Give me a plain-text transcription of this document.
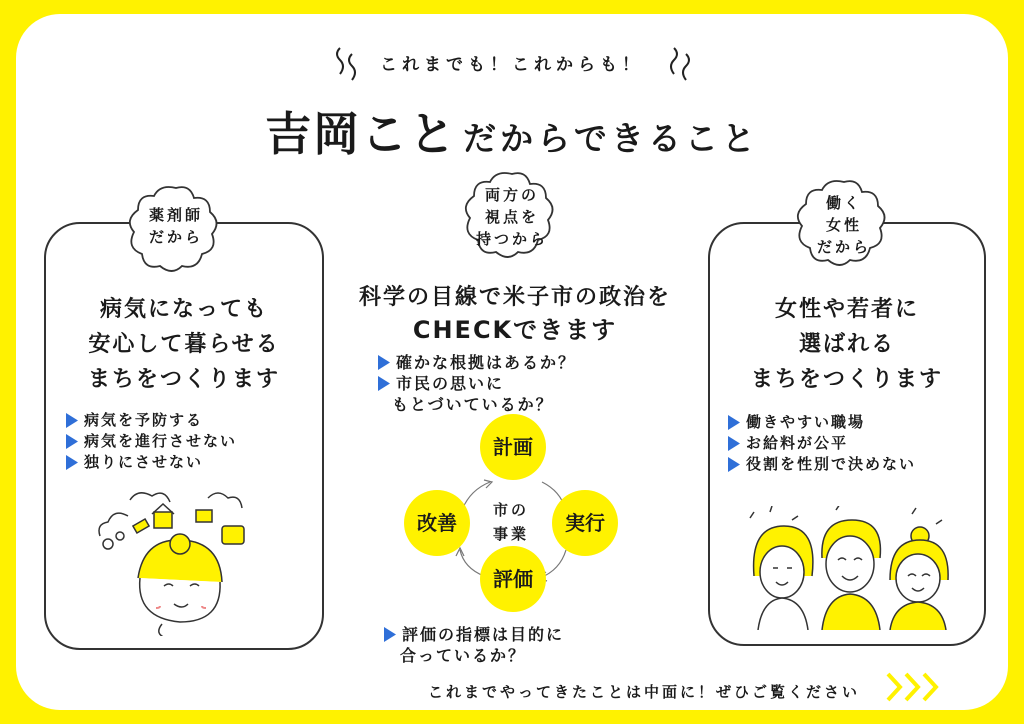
これまでも！これからも！
吉岡こと だからできること
薬剤師
だから
病気になっても
安心して暮らせる
まちをつくります
病気を予防する
病気を進行させない
独りにさせない
両方の
視点を
持つから
科学の目線で米子市の政治を
CHECKできます
確かな根拠はあるか？
市民の思いに
もとづいているか？
計画
実行
評価
改善
市の
事業
評価の指標は目的に
合っているか？
働く
女性
だから
女性や若者に
選ばれる
まちをつくります
働きやすい職場
お給料が公平
役割を性別で決めない
これまでやってきたことは中面に！ぜひご覧ください
